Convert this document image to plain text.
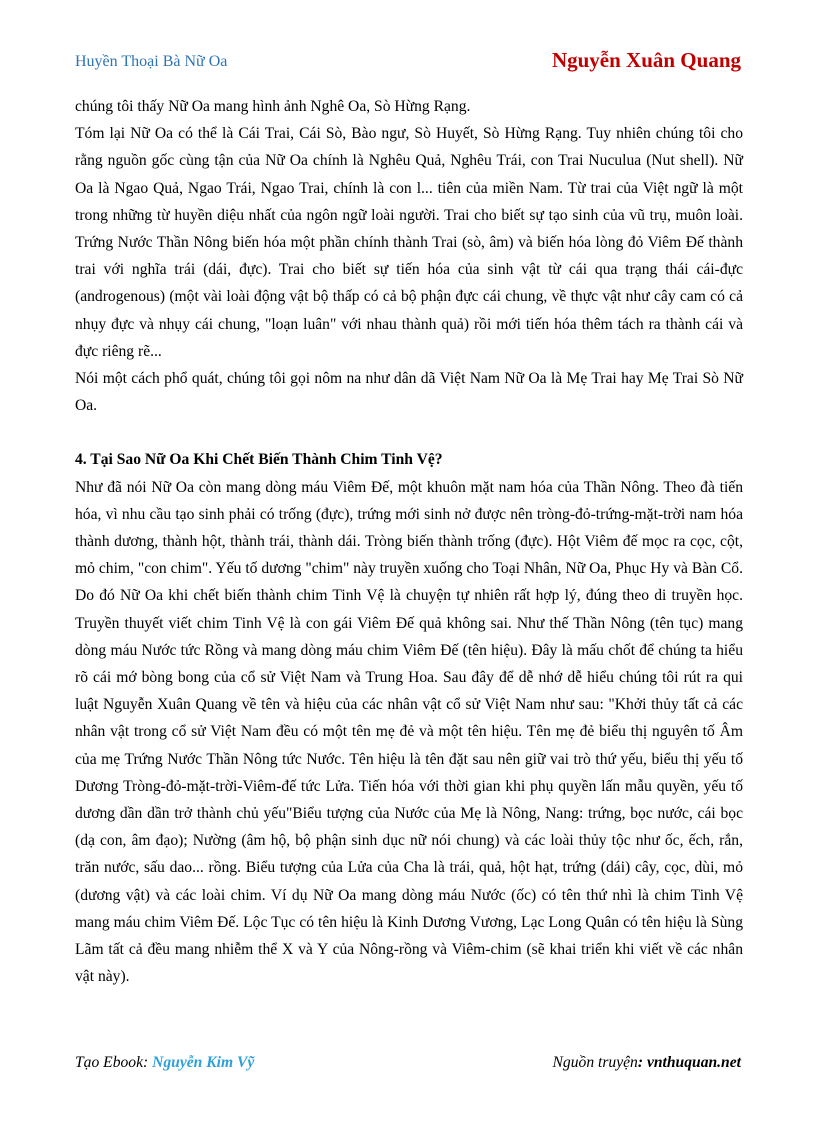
Huyền Thoại Bà Nữ Oa	Nguyễn Xuân Quang

chúng tôi thấy Nữ Oa mang hình ảnh Nghê Oa, Sò Hừng Rạng.

Tóm lại Nữ Oa có thể là Cái Trai, Cái Sò, Bào ngư, Sò Huyết, Sò Hừng Rạng. Tuy nhiên chúng tôi cho rằng nguồn gốc cùng tận của Nữ Oa chính là Nghêu Quả, Nghêu Trái, con Trai Nuculua (Nut shell). Nữ Oa là Ngao Quả, Ngao Trái, Ngao Trai, chính là con l... tiên của miền Nam. Từ trai của Việt ngữ là một trong những từ huyền diệu nhất của ngôn ngữ loài người. Trai cho biết sự tạo sinh của vũ trụ, muôn loài. Trứng Nước Thần Nông biến hóa một phần chính thành Trai (sò, âm) và biến hóa lòng đỏ Viêm Đế thành trai với nghĩa trái (dái, đực). Trai cho biết sự tiến hóa của sinh vật từ cái qua trạng thái cái-đực (androgenous) (một vài loài động vật bộ thấp có cả bộ phận đực cái chung, về thực vật như cây cam có cả nhụy đực và nhụy cái chung, "loạn luân" với nhau thành quả) rồi mới tiến hóa thêm tách ra thành cái và đực riêng rẽ...

Nói một cách phổ quát, chúng tôi gọi nôm na như dân dã Việt Nam Nữ Oa là Mẹ Trai hay Mẹ Trai Sò Nữ Oa.

4. Tại Sao Nữ Oa Khi Chết Biến Thành Chim Tinh Vệ?

Như đã nói Nữ Oa còn mang dòng máu Viêm Đế, một khuôn mặt nam hóa của Thần Nông. Theo đà tiến hóa, vì nhu cầu tạo sinh phải có trống (đực), trứng mới sinh nở được nên tròng-đỏ-trứng-mặt-trời nam hóa thành dương, thành hột, thành trái, thành dái. Tròng biến thành trống (đực). Hột Viêm đế mọc ra cọc, cột, mỏ chim, "con chim". Yếu tố dương "chim" này truyền xuống cho Toại Nhân, Nữ Oa, Phục Hy và Bàn Cổ. Do đó Nữ Oa khi chết biến thành chim Tinh Vệ là chuyện tự nhiên rất hợp lý, đúng theo di truyền học. Truyền thuyết viết chim Tinh Vệ là con gái Viêm Đế quả không sai. Như thế Thần Nông (tên tục) mang dòng máu Nước tức Rồng và mang dòng máu chim Viêm Đế (tên hiệu). Đây là mấu chốt để chúng ta hiểu rõ cái mớ bòng bong của cổ sử Việt Nam và Trung Hoa. Sau đây để dễ nhớ dễ hiểu chúng tôi rút ra qui luật Nguyễn Xuân Quang về tên và hiệu của các nhân vật cổ sử Việt Nam như sau: "Khởi thủy tất cả các nhân vật trong cổ sử Việt Nam đều có một tên mẹ đẻ và một tên hiệu. Tên mẹ đẻ biểu thị nguyên tố Âm của mẹ Trứng Nước Thần Nông tức Nước. Tên hiệu là tên đặt sau nên giữ vai trò thứ yếu, biểu thị yếu tố Dương Tròng-đỏ-mặt-trời-Viêm-đế tức Lửa. Tiến hóa với thời gian khi phụ quyền lấn mẫu quyền, yếu tố dương dần dần trở thành chủ yếu"Biểu tượng của Nước của Mẹ là Nông, Nang: trứng, bọc nước, cái bọc (dạ con, âm đạo); Nường (âm hộ, bộ phận sinh dục nữ nói chung) và các loài thủy tộc như ốc, ếch, rắn, trăn nước, sấu dao... rồng. Biểu tượng của Lửa của Cha là trái, quả, hột hạt, trứng (dái) cây, cọc, dùi, mỏ (dương vật) và các loài chim. Ví dụ Nữ Oa mang dòng máu Nước (ốc) có tên thứ nhì là chim Tinh Vệ mang máu chim Viêm Đế. Lộc Tục có tên hiệu là Kinh Dương Vương, Lạc Long Quân có tên hiệu là Sùng Lãm tất cả đều mang nhiễm thể X và Y của Nông-rồng và Viêm-chim (sẽ khai triển khi viết về các nhân vật này).

Tạo Ebook: Nguyễn Kim Vỹ	Nguồn truyện: vnthuquan.net
